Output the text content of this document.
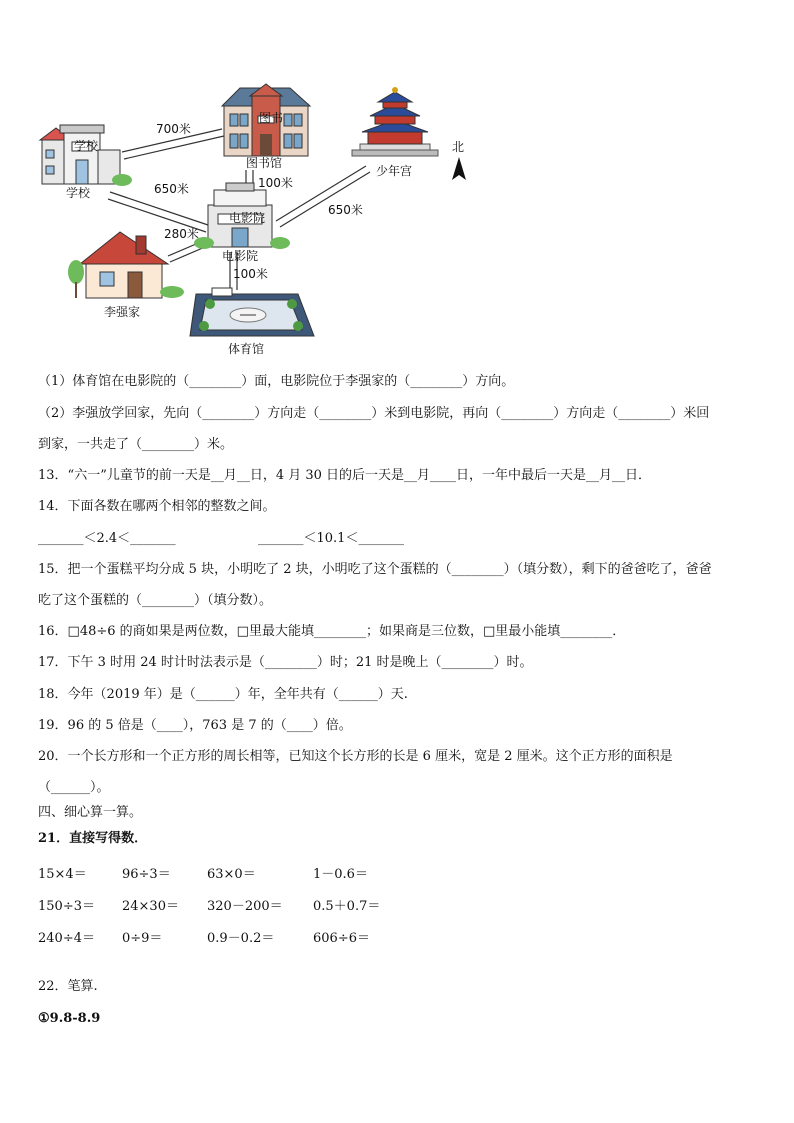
学校
学校
图书
图书馆
少年宫
北
电影院
电影院
李强家
体育馆
700米
100米
650米
650米
280米
100米
（1）体育馆在电影院的（________）面，电影院位于李强家的（________）方向。
（2）李强放学回家，先向（________）方向走（________）米到电影院，再向（________）方向走（________）米回
到家，一共走了（________）米。
13．“六一”儿童节的前一天是__月__日，4 月 30 日的后一天是__月____日，一年中最后一天是__月__日．
14．下面各数在哪两个相邻的整数之间。
_______＜2.4＜_______	_______＜10.1＜_______
15．把一个蛋糕平均分成 5 块，小明吃了 2 块，小明吃了这个蛋糕的（________）（填分数），剩下的爸爸吃了，爸爸
吃了这个蛋糕的（________）（填分数）。
16．□48÷6 的商如果是两位数，□里最大能填________；如果商是三位数，□里最小能填________．
17．下午 3 时用 24 时计时法表示是（________）时；21 时是晚上（________）时。
18．今年（2019 年）是（______）年，全年共有（______）天.
19．96 的 5 倍是（____），763 是 7 的（____）倍。
20．一个长方形和一个正方形的周长相等，已知这个长方形的长是 6 厘米，宽是 2 厘米。这个正方形的面积是
（______）。
四、细心算一算。
21．直接写得数．
15×4＝	96÷3＝	63×0＝	1－0.6＝
150÷3＝ 24×30＝ 320－200＝ 0.5＋0.7＝
240÷4＝ 0÷9＝	0.9－0.2＝	606÷6＝
22．笔算.
①9.8-8.9
